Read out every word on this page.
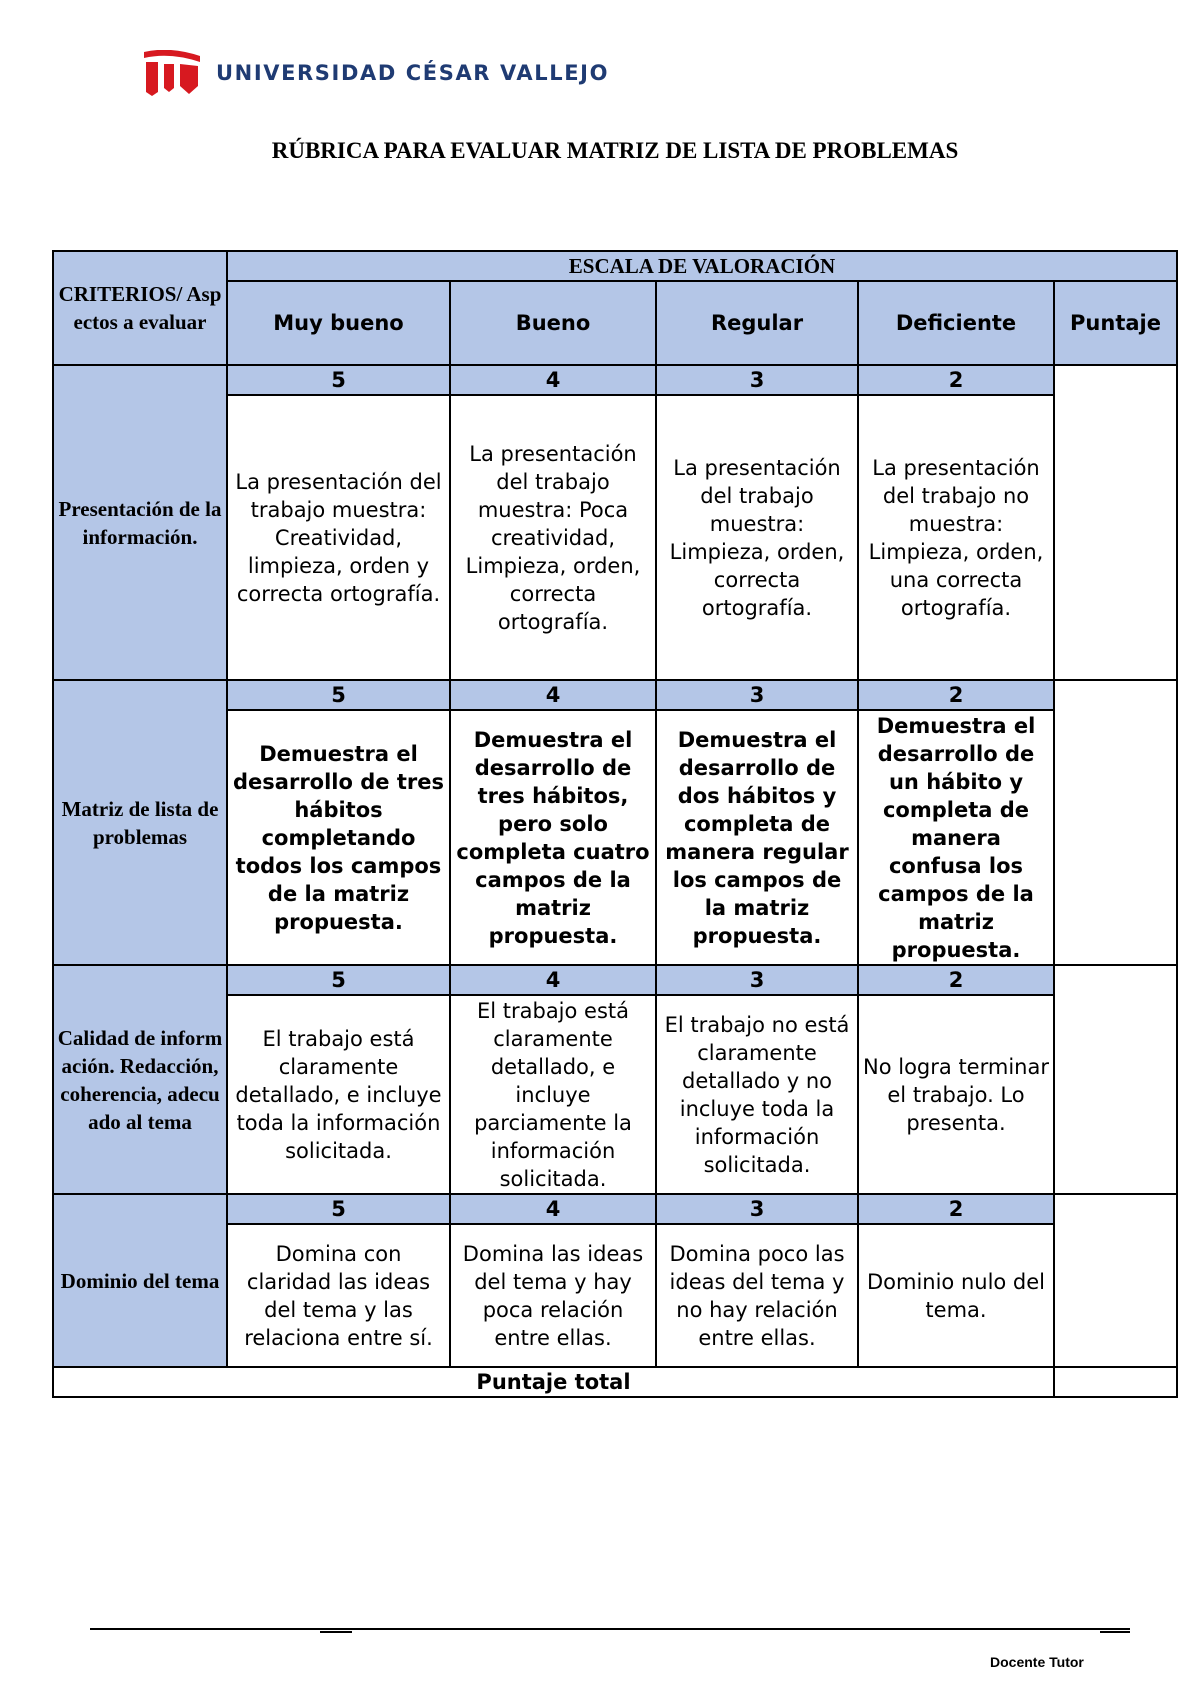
UNIVERSIDAD CÉSAR VALLEJO
RÚBRICA PARA EVALUAR MATRIZ DE LISTA DE PROBLEMAS
CRITERIOS/ Aspectos a evaluar	ESCALA DE VALORACIÓN				
	Muy bueno	Bueno	Regular	Deficiente	Puntaje
Presentación de la información.	5	4	3	2	
	La presentación del trabajo muestra: Creatividad, limpieza, orden y correcta ortografía.	La presentación del trabajo muestra: Poca creatividad, Limpieza, orden, correcta ortografía.	La presentación del trabajo muestra: Limpieza, orden, correcta ortografía.	La presentación del trabajo no muestra: Limpieza, orden, una correcta ortografía.	
Matriz de lista de problemas	5	4	3	2	
	Demuestra el desarrollo de tres hábitos completando todos los campos de la matriz propuesta.	Demuestra el desarrollo de tres hábitos, pero solo completa cuatro campos de la matriz propuesta.	Demuestra el desarrollo de dos hábitos y completa de manera regular los campos de la matriz propuesta.	Demuestra el desarrollo de un hábito y completa de manera confusa los campos de la matriz propuesta.	
Calidad de información. Redacción, coherencia, adecuado al tema	5	4	3	2	
	El trabajo está claramente detallado, e incluye toda la información solicitada.	El trabajo está claramente detallado, e incluye parciamente la información solicitada.	El trabajo no está claramente detallado y no incluye toda la información solicitada.	No logra terminar el trabajo. Lo presenta.	
Dominio del tema	5	4	3	2	
	Domina con claridad las ideas del tema y las relaciona entre sí.	Domina las ideas del tema y hay poca relación entre ellas.	Domina poco las ideas del tema y no hay relación entre ellas.	Dominio nulo del tema.	
Puntaje total					
Docente Tutor
